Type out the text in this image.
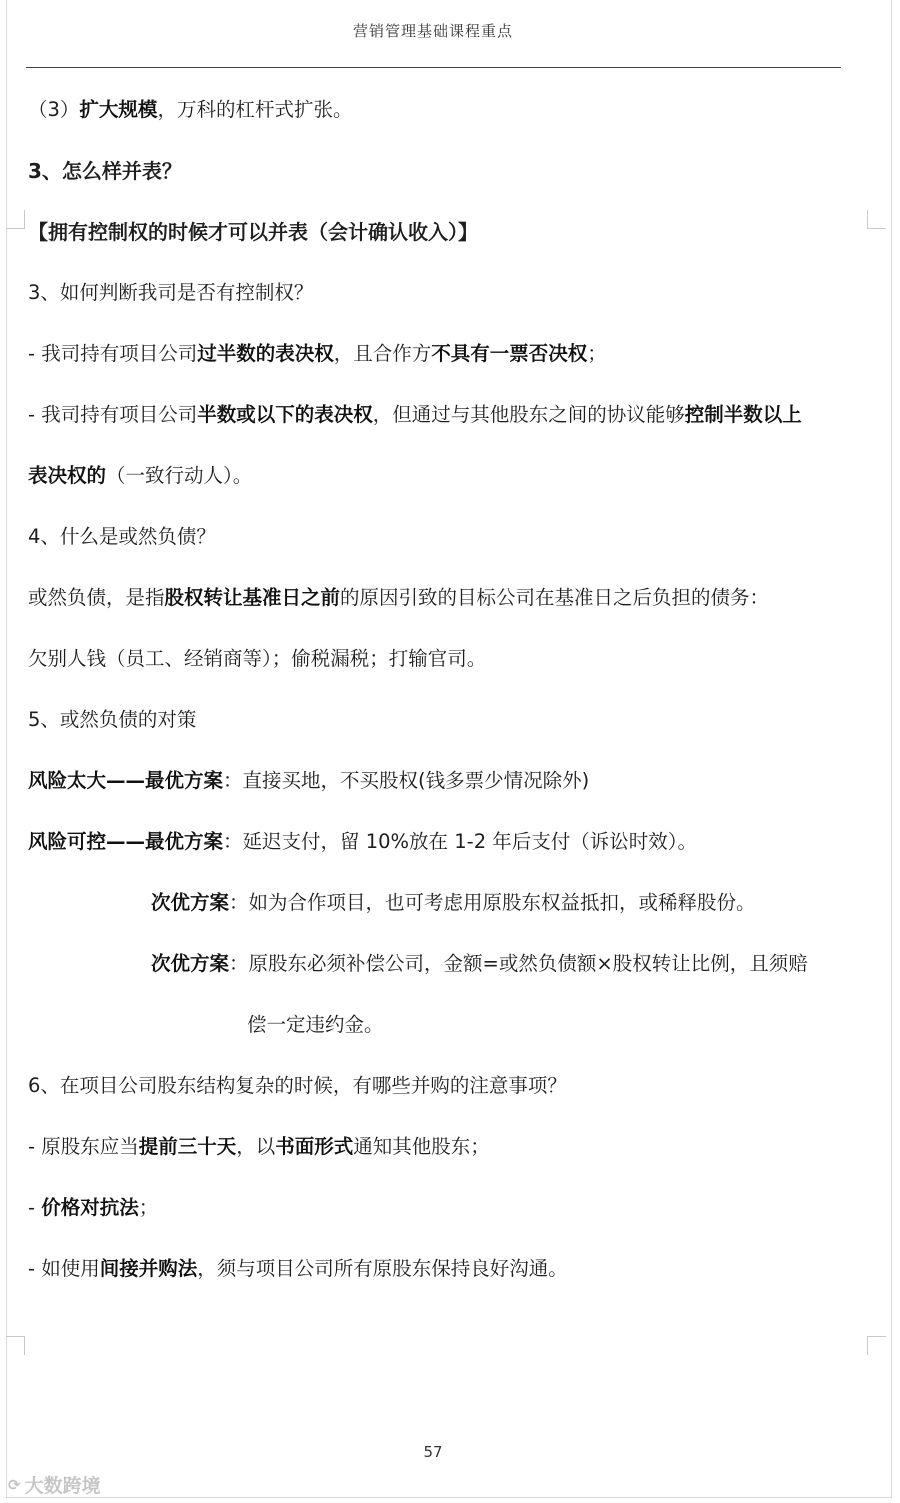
营销管理基础课程重点
（3）扩大规模，万科的杠杆式扩张。
3、怎么样并表？
【拥有控制权的时候才可以并表（会计确认收入）】
3、如何判断我司是否有控制权？
- 我司持有项目公司过半数的表决权，且合作方不具有一票否决权；
- 我司持有项目公司半数或以下的表决权，但通过与其他股东之间的协议能够控制半数以上
表决权的（一致行动人）。
4、什么是或然负债？
或然负债，是指股权转让基准日之前的原因引致的目标公司在基准日之后负担的债务：
欠别人钱（员工、经销商等）；偷税漏税；打输官司。
5、或然负债的对策
风险太大——最优方案：直接买地，不买股权(钱多票少情况除外)
风险可控——最优方案：延迟支付，留 10%放在 1-2 年后支付（诉讼时效）。
次优方案：如为合作项目，也可考虑用原股东权益抵扣，或稀释股份。
次优方案：原股东必须补偿公司，金额=或然负债额×股权转让比例，且须赔
偿一定违约金。
6、在项目公司股东结构复杂的时候，有哪些并购的注意事项？
- 原股东应当提前三十天，以书面形式通知其他股东；
- 价格对抗法；
- 如使用间接并购法，须与项目公司所有原股东保持良好沟通。
57
⟳ 大数跨境
